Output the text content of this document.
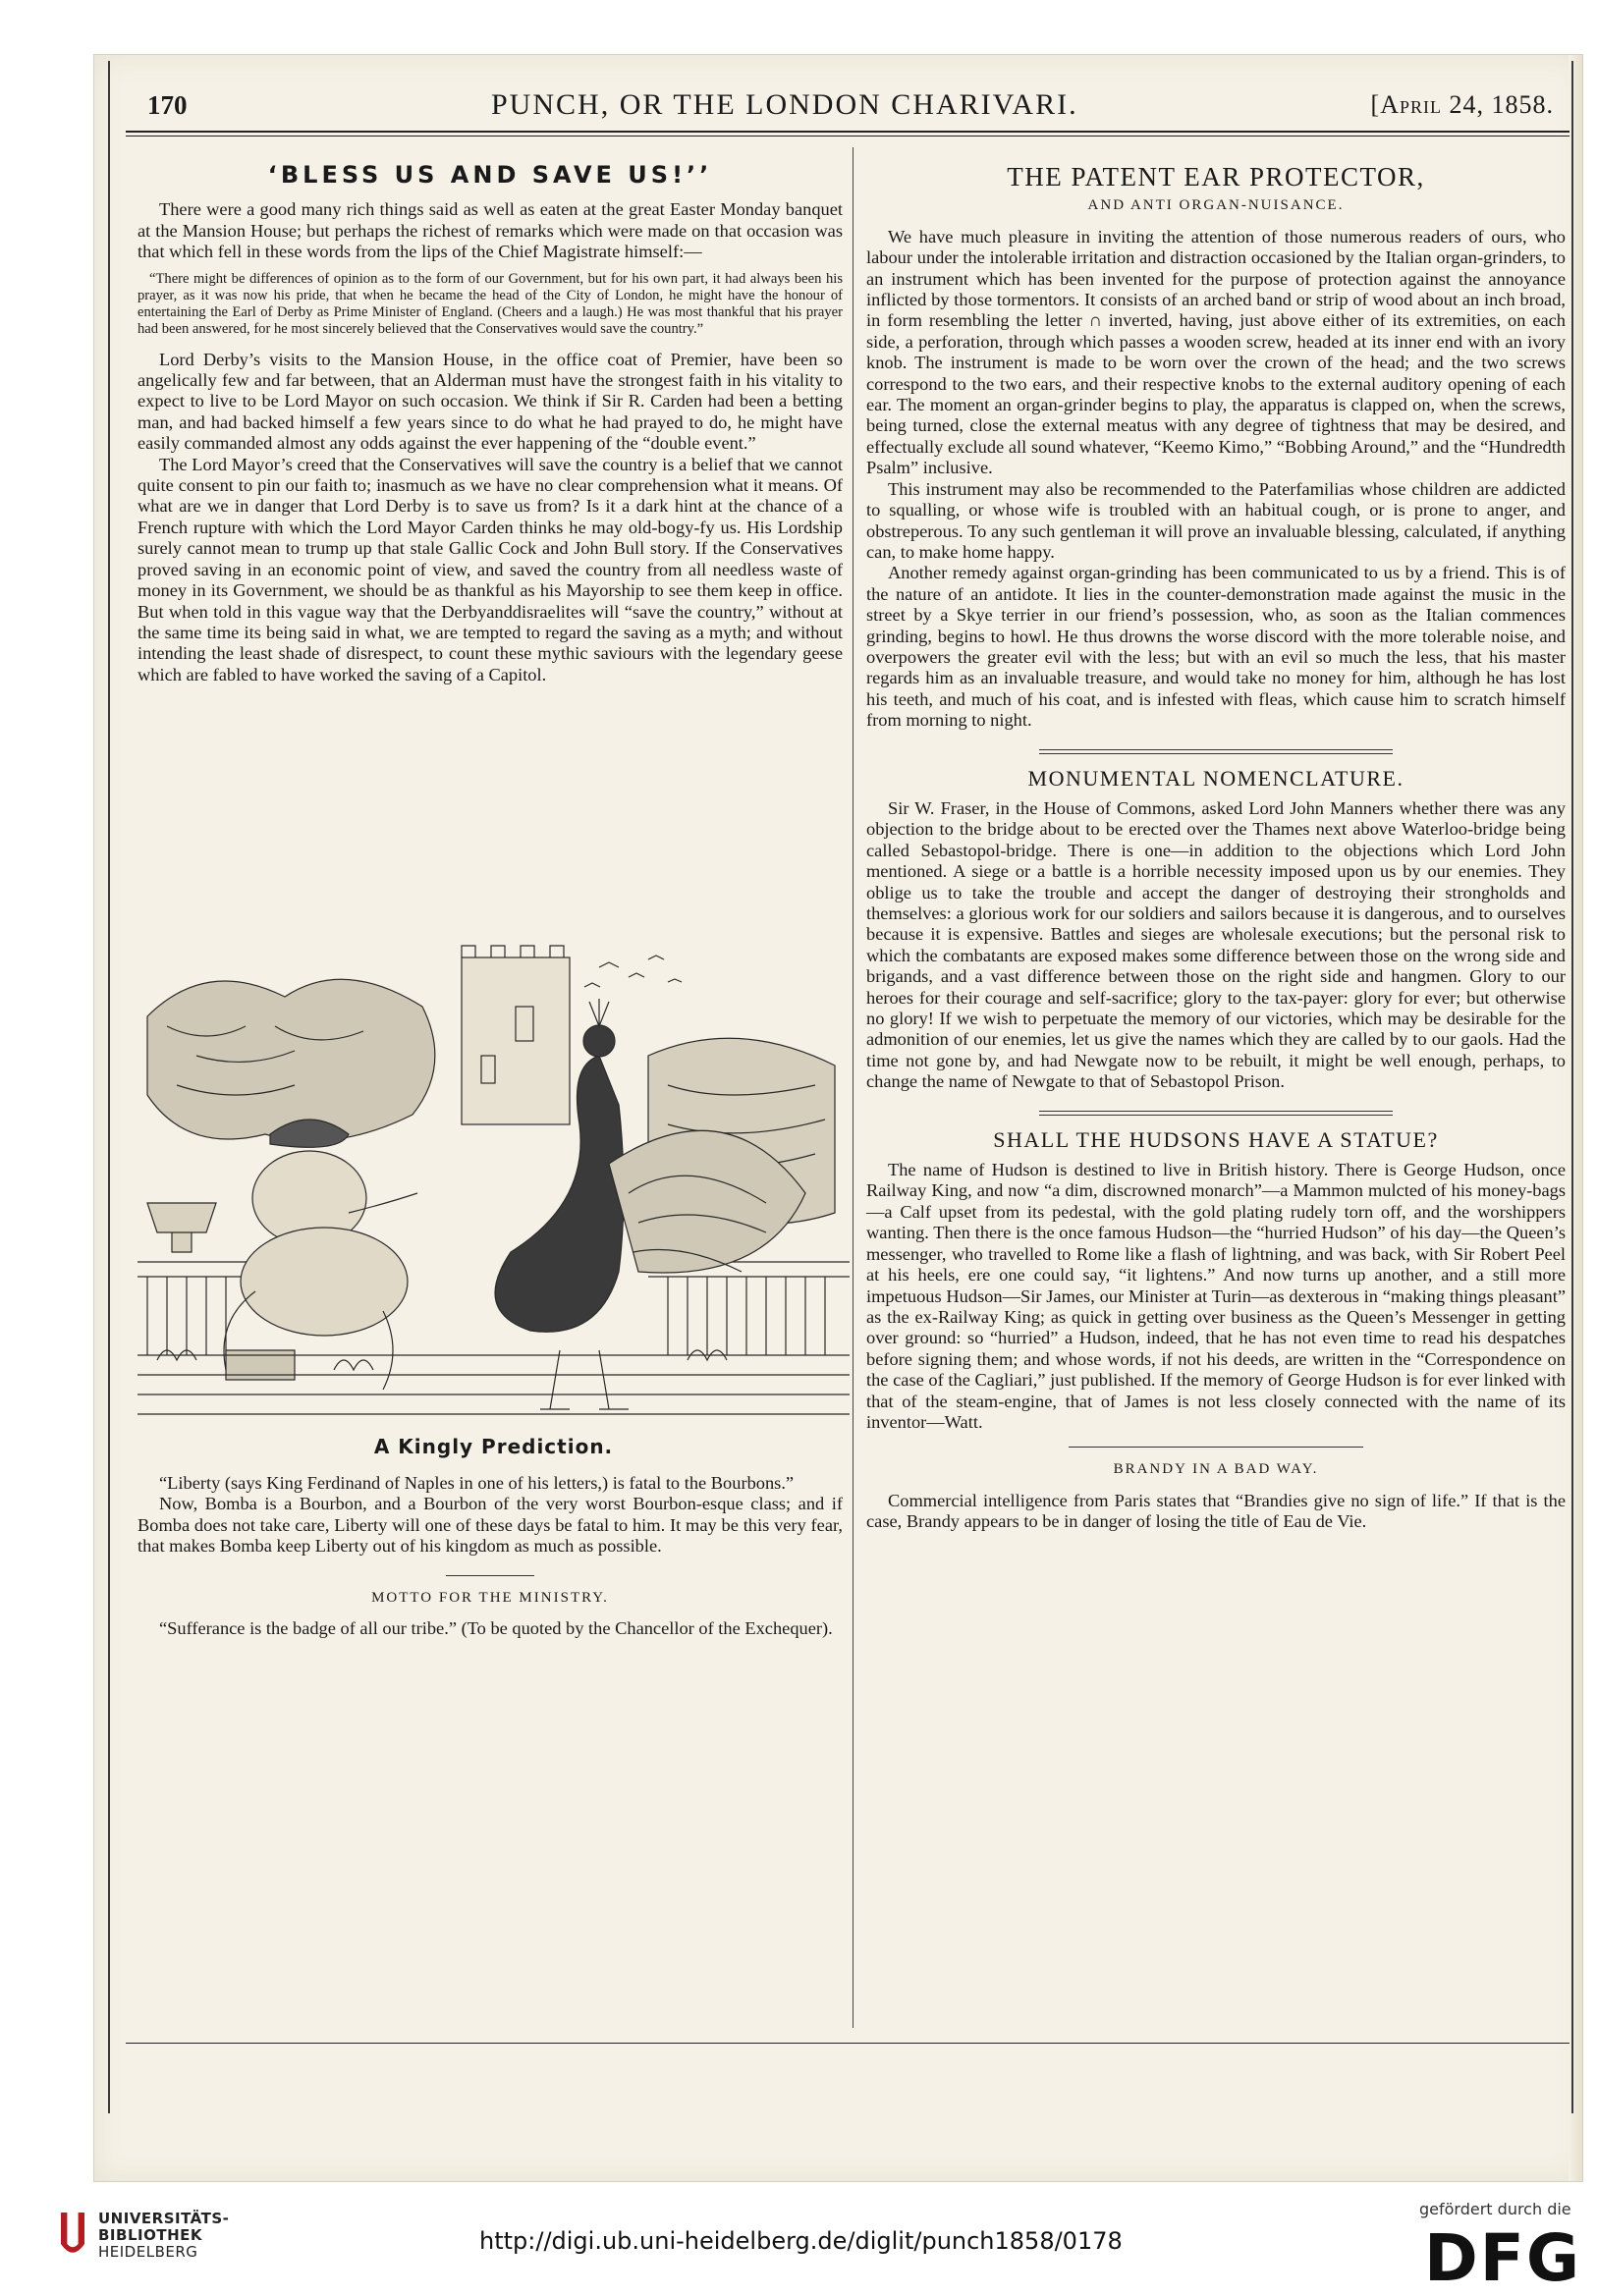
170	PUNCH, OR THE LONDON CHARIVARI.	[April 24, 1858.
‘BLESS US AND SAVE US!’’

There were a good many rich things said as well as eaten at the great Easter Monday banquet at the Mansion House; but perhaps the richest of remarks which were made on that occasion was that which fell in these words from the lips of the Chief Magistrate himself:—

“There might be differences of opinion as to the form of our Government, but for his own part, it had always been his prayer, as it was now his pride, that when he became the head of the City of London, he might have the honour of entertaining the Earl of Derby as Prime Minister of England. (Cheers and a laugh.) He was most thankful that his prayer had been answered, for he most sincerely believed that the Conservatives would save the country.”

Lord Derby’s visits to the Mansion House, in the office coat of Premier, have been so angelically few and far between, that an Alderman must have the strongest faith in his vitality to expect to live to be Lord Mayor on such occasion. We think if Sir R. Carden had been a betting man, and had backed himself a few years since to do what he had prayed to do, he might have easily commanded almost any odds against the ever happening of the “double event.”

The Lord Mayor’s creed that the Conservatives will save the country is a belief that we cannot quite consent to pin our faith to; inasmuch as we have no clear comprehension what it means. Of what are we in danger that Lord Derby is to save us from? Is it a dark hint at the chance of a French rupture with which the Lord Mayor Carden thinks he may old-bogy-fy us. His Lordship surely cannot mean to trump up that stale Gallic Cock and John Bull story. If the Conservatives proved saving in an economic point of view, and saved the country from all needless waste of money in its Government, we should be as thankful as his Mayorship to see them keep in office. But when told in this vague way that the Derbyanddisraelites will “save the country,” without at the same time its being said in what, we are tempted to regard the saving as a myth; and without intending the least shade of disrespect, to count these mythic saviours with the legendary geese which are fabled to have worked the saving of a Capitol.

A Kingly Prediction.

“Liberty (says King Ferdinand of Naples in one of his letters,) is fatal to the Bourbons.”

Now, Bomba is a Bourbon, and a Bourbon of the very worst Bourbon-esque class; and if Bomba does not take care, Liberty will one of these days be fatal to him. It may be this very fear, that makes Bomba keep Liberty out of his kingdom as much as possible.

MOTTO FOR THE MINISTRY.

“Sufferance is the badge of all our tribe.” (To be quoted by the Chancellor of the Exchequer).

THE PATENT EAR PROTECTOR,
AND ANTI ORGAN-NUISANCE.

We have much pleasure in inviting the attention of those numerous readers of ours, who labour under the intolerable irritation and distraction occasioned by the Italian organ-grinders, to an instrument which has been invented for the purpose of protection against the annoyance inflicted by those tormentors. It consists of an arched band or strip of wood about an inch broad, in form resembling the letter ∩ inverted, having, just above either of its extremities, on each side, a perforation, through which passes a wooden screw, headed at its inner end with an ivory knob. The instrument is made to be worn over the crown of the head; and the two screws correspond to the two ears, and their respective knobs to the external auditory opening of each ear. The moment an organ-grinder begins to play, the apparatus is clapped on, when the screws, being turned, close the external meatus with any degree of tightness that may be desired, and effectually exclude all sound whatever, “Keemo Kimo,” “Bobbing Around,” and the “Hundredth Psalm” inclusive.

This instrument may also be recommended to the Paterfamilias whose children are addicted to squalling, or whose wife is troubled with an habitual cough, or is prone to anger, and obstreperous. To any such gentleman it will prove an invaluable blessing, calculated, if anything can, to make home happy.

Another remedy against organ-grinding has been communicated to us by a friend. This is of the nature of an antidote. It lies in the counter-demonstration made against the music in the street by a Skye terrier in our friend’s possession, who, as soon as the Italian commences grinding, begins to howl. He thus drowns the worse discord with the more tolerable noise, and overpowers the greater evil with the less; but with an evil so much the less, that his master regards him as an invaluable treasure, and would take no money for him, although he has lost his teeth, and much of his coat, and is infested with fleas, which cause him to scratch himself from morning to night.

MONUMENTAL NOMENCLATURE.

Sir W. Fraser, in the House of Commons, asked Lord John Manners whether there was any objection to the bridge about to be erected over the Thames next above Waterloo-bridge being called Sebastopol-bridge. There is one—in addition to the objections which Lord John mentioned. A siege or a battle is a horrible necessity imposed upon us by our enemies. They oblige us to take the trouble and accept the danger of destroying their strongholds and themselves: a glorious work for our soldiers and sailors because it is dangerous, and to ourselves because it is expensive. Battles and sieges are wholesale executions; but the personal risk to which the combatants are exposed makes some difference between those on the wrong side and brigands, and a vast difference between those on the right side and hangmen. Glory to our heroes for their courage and self-sacrifice; glory to the tax-payer: glory for ever; but otherwise no glory! If we wish to perpetuate the memory of our victories, which may be desirable for the admonition of our enemies, let us give the names which they are called by to our gaols. Had the time not gone by, and had Newgate now to be rebuilt, it might be well enough, perhaps, to change the name of Newgate to that of Sebastopol Prison.

SHALL THE HUDSONS HAVE A STATUE?

The name of Hudson is destined to live in British history. There is George Hudson, once Railway King, and now “a dim, discrowned monarch”—a Mammon mulcted of his money-bags—a Calf upset from its pedestal, with the gold plating rudely torn off, and the worshippers wanting. Then there is the once famous Hudson—the “hurried Hudson” of his day—the Queen’s messenger, who travelled to Rome like a flash of lightning, and was back, with Sir Robert Peel at his heels, ere one could say, “it lightens.” And now turns up another, and a still more impetuous Hudson—Sir James, our Minister at Turin—as dexterous in “making things pleasant” as the ex-Railway King; as quick in getting over business as the Queen’s Messenger in getting over ground: so “hurried” a Hudson, indeed, that he has not even time to read his despatches before signing them; and whose words, if not his deeds, are written in the “Correspondence on the case of the Cagliari,” just published. If the memory of George Hudson is for ever linked with that of the steam-engine, that of James is not less closely connected with the name of its inventor—Watt.

BRANDY IN A BAD WAY.

Commercial intelligence from Paris states that “Brandies give no sign of life.” If that is the case, Brandy appears to be in danger of losing the title of Eau de Vie.

UNIVERSITÄTS-
BIBLIOTHEK
HEIDELBERG	http://digi.ub.uni-heidelberg.de/diglit/punch1858/0178
gefördert durch die
DFG
